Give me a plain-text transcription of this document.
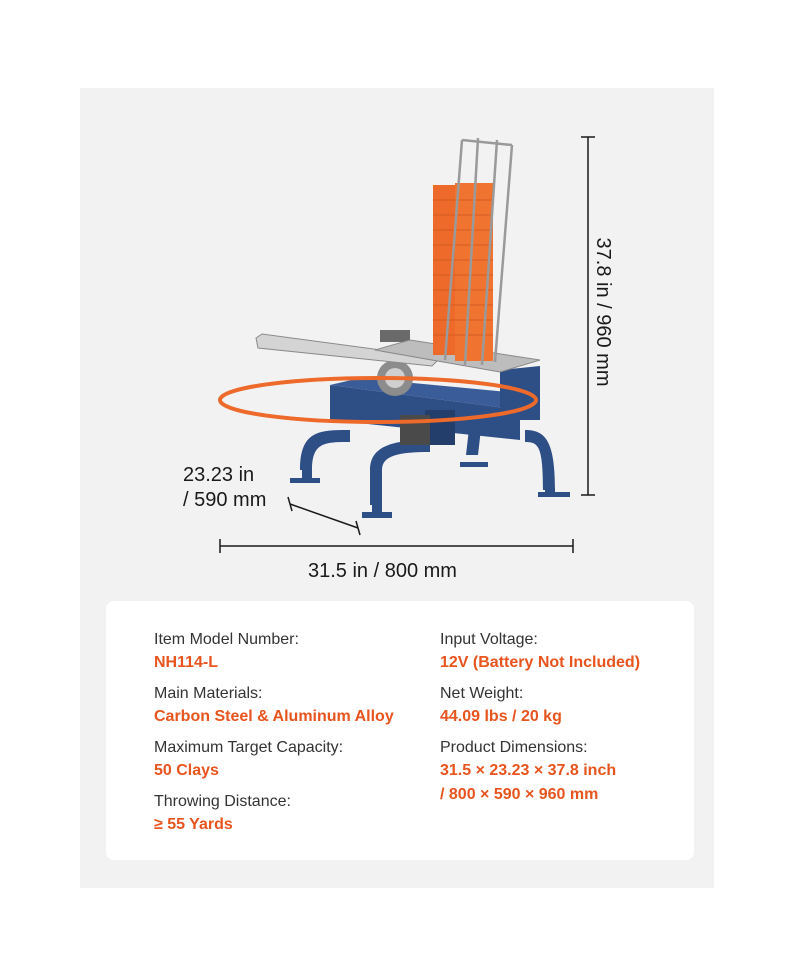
31.5 in / 800 mm
23.23 in
/ 590 mm
37.8 in / 960 mm
Item Model Number:
NH114-L
Main Materials:
Carbon Steel & Aluminum Alloy
Maximum Target Capacity:
50 Clays
Throwing Distance:
≥ 55 Yards
Input Voltage:
12V (Battery Not Included)
Net Weight:
44.09 lbs / 20 kg
Product Dimensions:
31.5 × 23.23 × 37.8 inch
/ 800 × 590 × 960 mm
